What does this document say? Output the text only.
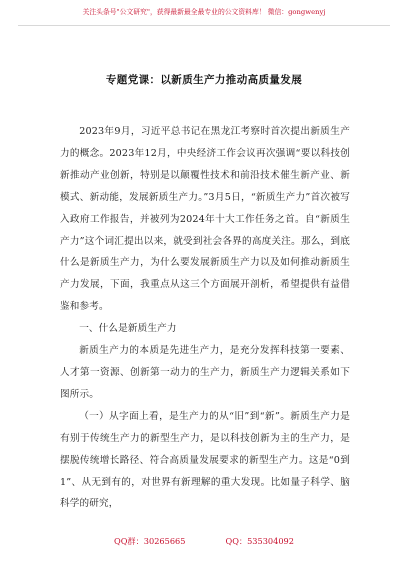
关注头条号"公文研究"，获得最新最全最专业的公文资料库！ 微信：gongwenyj
专题党课：以新质生产力推动高质量发展

2023年9月，习近平总书记在黑龙江考察时首次提出新质生产力的概念。2023年12月，中央经济工作会议再次强调“要以科技创新推动产业创新，特别是以颠覆性技术和前沿技术催生新产业、新模式、新动能，发展新质生产力。”3月5日，“新质生产力”首次被写入政府工作报告，并被列为2024年十大工作任务之首。自“新质生产力”这个词汇提出以来，就受到社会各界的高度关注。那么，到底什么是新质生产力，为什么要发展新质生产力以及如何推动新质生产力发展，下面，我重点从这三个方面展开剖析，希望提供有益借鉴和参考。

一、什么是新质生产力

新质生产力的本质是先进生产力，是充分发挥科技第一要素、人才第一资源、创新第一动力的生产力，新质生产力逻辑关系如下图所示。

（一）从字面上看，是生产力的从“旧”到“新”。新质生产力是有别于传统生产力的新型生产力，是以科技创新为主的生产力，是摆脱传统增长路径、符合高质量发展要求的新型生产力。这是“0到1”、从无到有的，对世界有新理解的重大发现。比如量子科学、脑科学的研究，

QQ群：30265665	QQ：535304092
